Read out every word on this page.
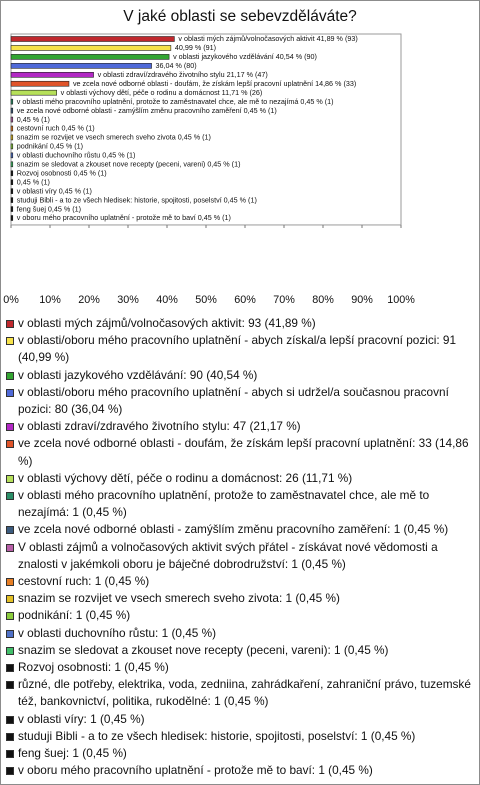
V jaké oblasti se sebevzděláváte?
v oblasti mých zájmů/volnočasových aktivit 41,89 % (93)
40,99 % (91)
v oblasti jazykového vzdělávání 40,54 % (90)
36,04 % (80)
v oblasti zdraví/zdravého životního stylu 21,17 % (47)
ve zcela nové odborné oblasti - doufám, že získám lepší pracovní uplatnění 14,86 % (33)
v oblasti výchovy dětí, péče o rodinu a domácnost 11,71 % (26)
v oblasti mého pracovního uplatnění, protože to zaměstnavatel chce, ale mě to nezajímá 0,45 % (1)
ve zcela nové odborné oblasti - zamýšlím změnu pracovního zaměření 0,45 % (1)
0,45 % (1)
cestovní ruch 0,45 % (1)
snazim se rozvijet ve vsech smerech sveho zivota 0,45 % (1)
podnikání 0,45 % (1)
v oblasti duchovního růstu 0,45 % (1)
snazim se sledovat a zkouset nove recepty (peceni, vareni) 0,45 % (1)
Rozvoj osobnosti 0,45 % (1)
0,45 % (1)
v oblasti víry 0,45 % (1)
studuji Bibli - a to ze všech hledisek: historie, spojitosti, poselství 0,45 % (1)
feng šuej 0,45 % (1)
v oboru mého pracovního uplatnění - protože mě to baví 0,45 % (1)
0% 10% 20% 30% 40% 50% 60% 70% 80% 90% 100%
v oblasti mých zájmů/volnočasových aktivit: 93 (41,89 %)
v oblasti/oboru mého pracovního uplatnění - abych získal/a lepší pracovní pozici: 91 (40,99 %)
v oblasti jazykového vzdělávání: 90 (40,54 %)
v oblasti/oboru mého pracovního uplatnění - abych si udržel/a současnou pracovní pozici: 80 (36,04 %)
v oblasti zdraví/zdravého životního stylu: 47 (21,17 %)
ve zcela nové odborné oblasti - doufám, že získám lepší pracovní uplatnění: 33 (14,86 %)
v oblasti výchovy dětí, péče o rodinu a domácnost: 26 (11,71 %)
v oblasti mého pracovního uplatnění, protože to zaměstnavatel chce, ale mě to nezajímá: 1 (0,45 %)
ve zcela nové odborné oblasti - zamýšlím změnu pracovního zaměření: 1 (0,45 %)
V oblasti zájmů a volnočasových aktivit svých přátel - získávat nové vědomosti a znalosti v jakémkoli oboru je báječné dobrodružství: 1 (0,45 %)
cestovní ruch: 1 (0,45 %)
snazim se rozvijet ve vsech smerech sveho zivota: 1 (0,45 %)
podnikání: 1 (0,45 %)
v oblasti duchovního růstu: 1 (0,45 %)
snazim se sledovat a zkouset nove recepty (peceni, vareni): 1 (0,45 %)
Rozvoj osobnosti: 1 (0,45 %)
různé, dle potřeby, elektrika, voda, zedniina, zahrádkaření, zahraniční právo, tuzemské též, bankovnictví, politika, rukodělné: 1 (0,45 %)
v oblasti víry: 1 (0,45 %)
studuji Bibli - a to ze všech hledisek: historie, spojitosti, poselství: 1 (0,45 %)
feng šuej: 1 (0,45 %)
v oboru mého pracovního uplatnění - protože mě to baví: 1 (0,45 %)
